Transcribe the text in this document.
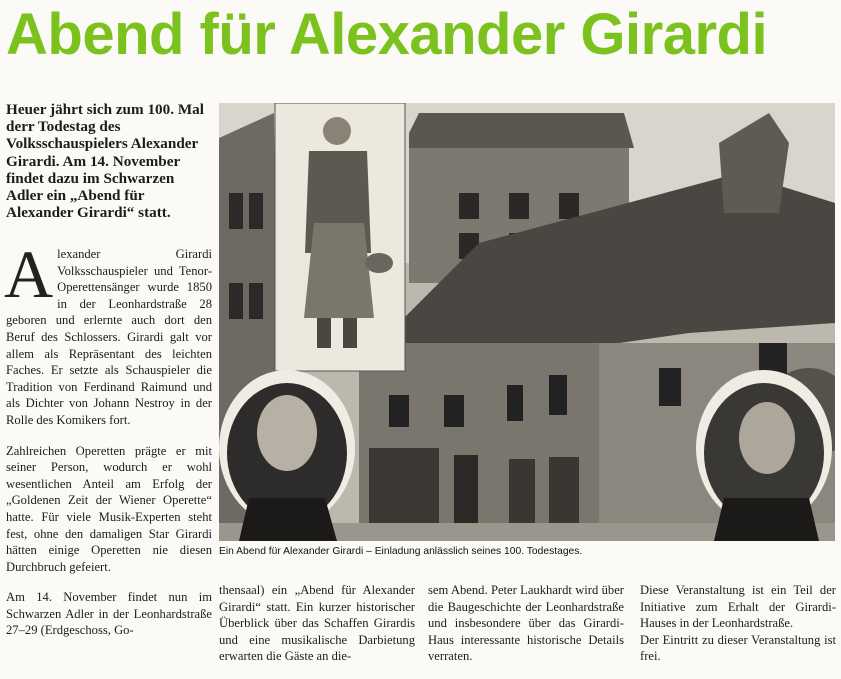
Abend für Alexander Girardi
Heuer jährt sich zum 100. Mal derr Todestag des Volksschauspielers Alexander Girardi. Am 14. November findet dazu im Schwarzen Adler ein „Abend für Alexander Girardi“ statt.

Alexander Girardi Volksschauspieler und Tenor-Operettensänger wurde 1850 in der Leonhardstraße 28 geboren und erlernte auch dort den Beruf des Schlossers. Girardi galt vor allem als Repräsentant des leichten Faches. Er setzte als Schauspieler die Tradition von Ferdinand Raimund und als Dichter von Johann Nestroy in der Rolle des Komikers fort.

Zahlreichen Operetten prägte er mit seiner Person, wodurch er wohl wesentlichen Anteil am Erfolg der „Goldenen Zeit der Wiener Operette“ hatte. Für viele Musik-Experten steht fest, ohne den damaligen Star Girardi hätten einige Operetten nie diesen Durchbruch gefeiert.

Am 14. November findet nun im Schwarzen Adler in der Leonhardstraße 27–29 (Erdgeschoss, Go-

Ein Abend für Alexander Girardi – Einladung anlässlich seines 100. Todestages.

thensaal) ein „Abend für Alexander Girardi“ statt. Ein kurzer historischer Überblick über das Schaffen Girardis und eine musikalische Darbietung erwarten die Gäste an die-

sem Abend. Peter Laukhardt wird über die Baugeschichte der Leonhardstraße und insbesondere über das Girardi-Haus interessante historische Details verraten.

Diese Veranstaltung ist ein Teil der Initiative zum Erhalt der Girardi-Hauses in der Leonhardstraße.

Der Eintritt zu dieser Veranstaltung ist frei.
